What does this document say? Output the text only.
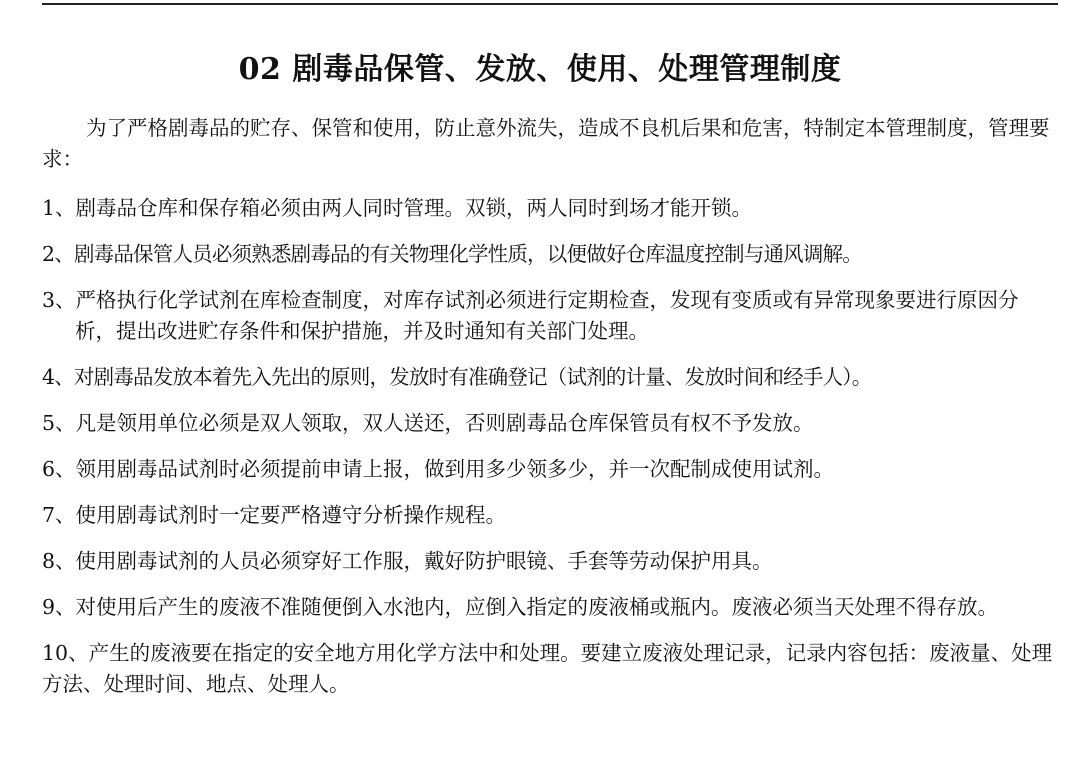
02 剧毒品保管、发放、使用、处理管理制度

为了严格剧毒品的贮存、保管和使用，防止意外流失，造成不良机后果和危害，特制定本管理制度，管理要求：

1、剧毒品仓库和保存箱必须由两人同时管理。双锁，两人同时到场才能开锁。
2、剧毒品保管人员必须熟悉剧毒品的有关物理化学性质，以便做好仓库温度控制与通风调解。
3、严格执行化学试剂在库检查制度，对库存试剂必须进行定期检查，发现有变质或有异常现象要进行原因分析，提出改进贮存条件和保护措施，并及时通知有关部门处理。
4、对剧毒品发放本着先入先出的原则，发放时有准确登记（试剂的计量、发放时间和经手人）。
5、凡是领用单位必须是双人领取，双人送还，否则剧毒品仓库保管员有权不予发放。
6、领用剧毒品试剂时必须提前申请上报，做到用多少领多少，并一次配制成使用试剂。
7、使用剧毒试剂时一定要严格遵守分析操作规程。
8、使用剧毒试剂的人员必须穿好工作服，戴好防护眼镜、手套等劳动保护用具。
9、对使用后产生的废液不准随便倒入水池内，应倒入指定的废液桶或瓶内。废液必须当天处理不得存放。
10、产生的废液要在指定的安全地方用化学方法中和处理。要建立废液处理记录，记录内容包括：废液量、处理方法、处理时间、地点、处理人。
